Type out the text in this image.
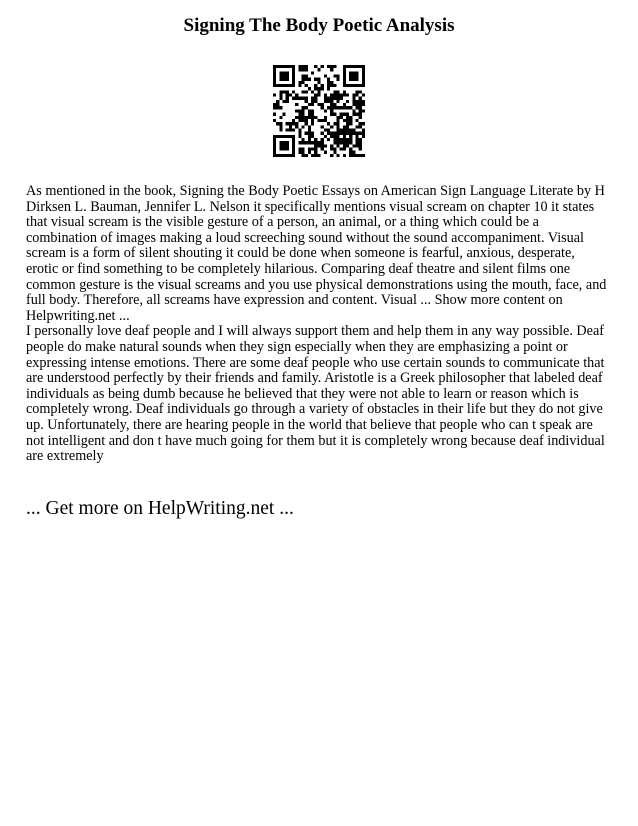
Signing The Body Poetic Analysis

As mentioned in the book, Signing the Body Poetic Essays on American Sign Language Literate by H Dirksen L. Bauman, Jennifer L. Nelson it specifically mentions visual scream on chapter 10 it states that visual scream is the visible gesture of a person, an animal, or a thing which could be a combination of images making a loud screeching sound without the sound accompaniment. Visual scream is a form of silent shouting it could be done when someone is fearful, anxious, desperate, erotic or find something to be completely hilarious. Comparing deaf theatre and silent films one common gesture is the visual screams and you use physical demonstrations using the mouth, face, and full body. Therefore, all screams have expression and content. Visual ... Show more content on Helpwriting.net ...

I personally love deaf people and I will always support them and help them in any way possible. Deaf people do make natural sounds when they sign especially when they are emphasizing a point or expressing intense emotions. There are some deaf people who use certain sounds to communicate that are understood perfectly by their friends and family. Aristotle is a Greek philosopher that labeled deaf individuals as being dumb because he believed that they were not able to learn or reason which is completely wrong. Deaf individuals go through a variety of obstacles in their life but they do not give up. Unfortunately, there are hearing people in the world that believe that people who can t speak are not intelligent and don t have much going for them but it is completely wrong because deaf individual are extremely

... Get more on HelpWriting.net ...
